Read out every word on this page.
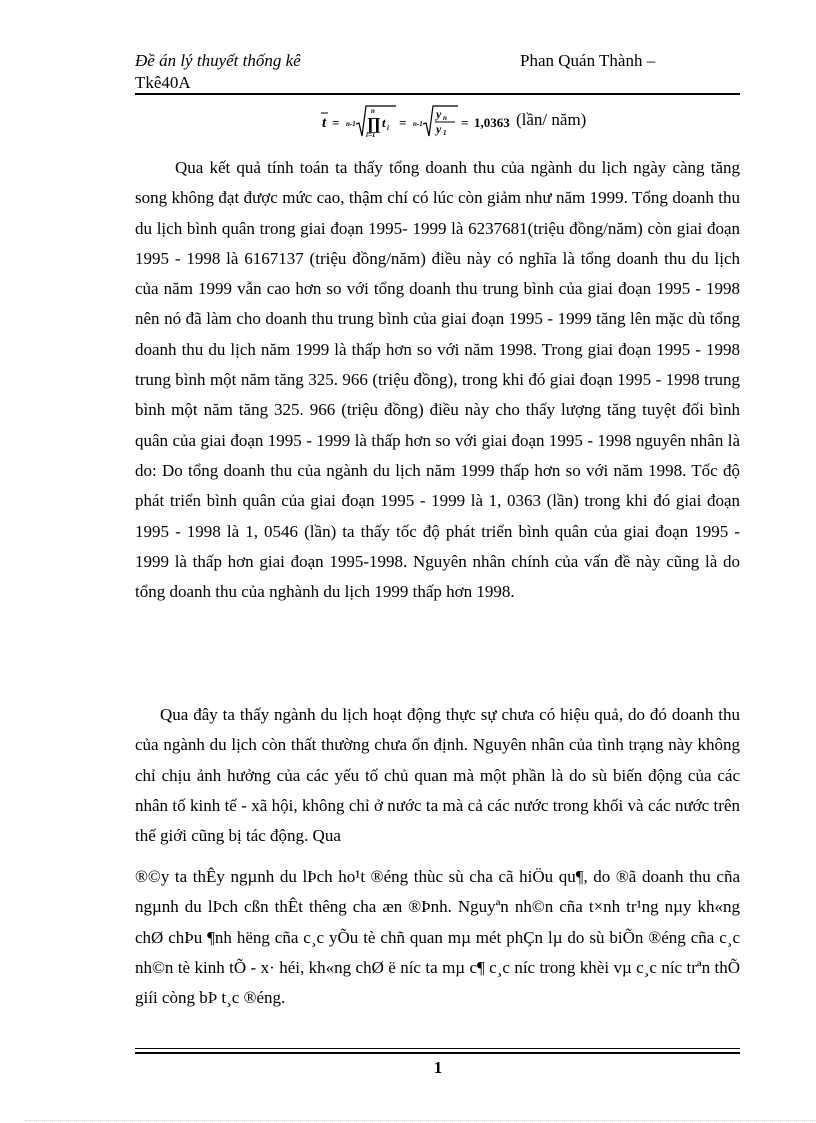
Đề án lý thuyết thống kê
Tkê40A
Phan Quán Thành –
t = n-1
n
∏
i=1
t i = n-1
y n
y 1
= 1,0363 (lần/ năm)

Qua kết quả tính toán ta thấy tổng doanh thu của ngành du lịch ngày càng tăng song không đạt được mức cao, thậm chí có lúc còn giảm như năm 1999. Tổng doanh thu du lịch bình quân trong giai đoạn 1995- 1999 là 6237681(triệu đồng/năm) còn giai đoạn 1995 - 1998 là 6167137 (triệu đồng/năm) điều này có nghĩa là tổng doanh thu du lịch của năm 1999 vẫn cao hơn so với tổng doanh thu trung bình của giai đoạn 1995 - 1998 nên nó đã làm cho doanh thu trung bình của giai đoạn 1995 - 1999 tăng lên mặc dù tổng doanh thu du lịch năm 1999 là thấp hơn so với năm 1998. Trong giai đoạn 1995 - 1998 trung bình một năm tăng 325. 966 (triệu đồng), trong khi đó giai đoạn 1995 - 1998 trung bình một năm tăng 325. 966 (triệu đồng) điều này cho thấy lượng tăng tuyệt đối bình quân của giai đoạn 1995 - 1999 là thấp hơn so với giai đoạn 1995 - 1998 nguyên nhân là do: Do tổng doanh thu của ngành du lịch năm 1999 thấp hơn so với năm 1998. Tốc độ phát triển bình quân của giai đoạn 1995 - 1999 là 1, 0363 (lần) trong khi đó giai đoạn 1995 - 1998 là 1, 0546 (lần) ta thấy tốc độ phát triển bình quân của giai đoạn 1995 - 1999 là thấp hơn giai đoạn 1995-1998. Nguyên nhân chính của vấn đề này cũng là do tổng doanh thu của nghành du lịch 1999 thấp hơn 1998.

Qua đây ta thấy ngành du lịch hoạt động thực sự chưa có hiệu quả, do đó doanh thu của ngành du lịch còn thất thường chưa ổn định. Nguyên nhân của tình trạng này không chỉ chịu ảnh hưởng của các yếu tố chủ quan mà một phần là do sù biến động của các nhân tố kinh tế - xã hội, không chỉ ở nước ta mà cả các nước trong khối và các nước trên thế giới cũng bị tác động. Qua

®©y ta thÊy ngµnh du lÞch ho¹t ®éng thùc sù cha cã hiÖu qu¶, do ®ã doanh thu cña ngµnh du lÞch cßn thÊt thêng cha æn ®Þnh. Nguyªn nh©n cña t×nh tr¹ng nµy kh«ng chØ chÞu ¶nh hëng cña c¸c yÕu tè chñ quan mµ mét phÇn lµ do sù biÕn ®éng cña c¸c nh©n tè kinh tÕ - x· héi, kh«ng chØ ë níc ta mµ c¶ c¸c níc trong khèi vµ c¸c níc trªn thÕ giíi còng bÞ t¸c ®éng.

1
